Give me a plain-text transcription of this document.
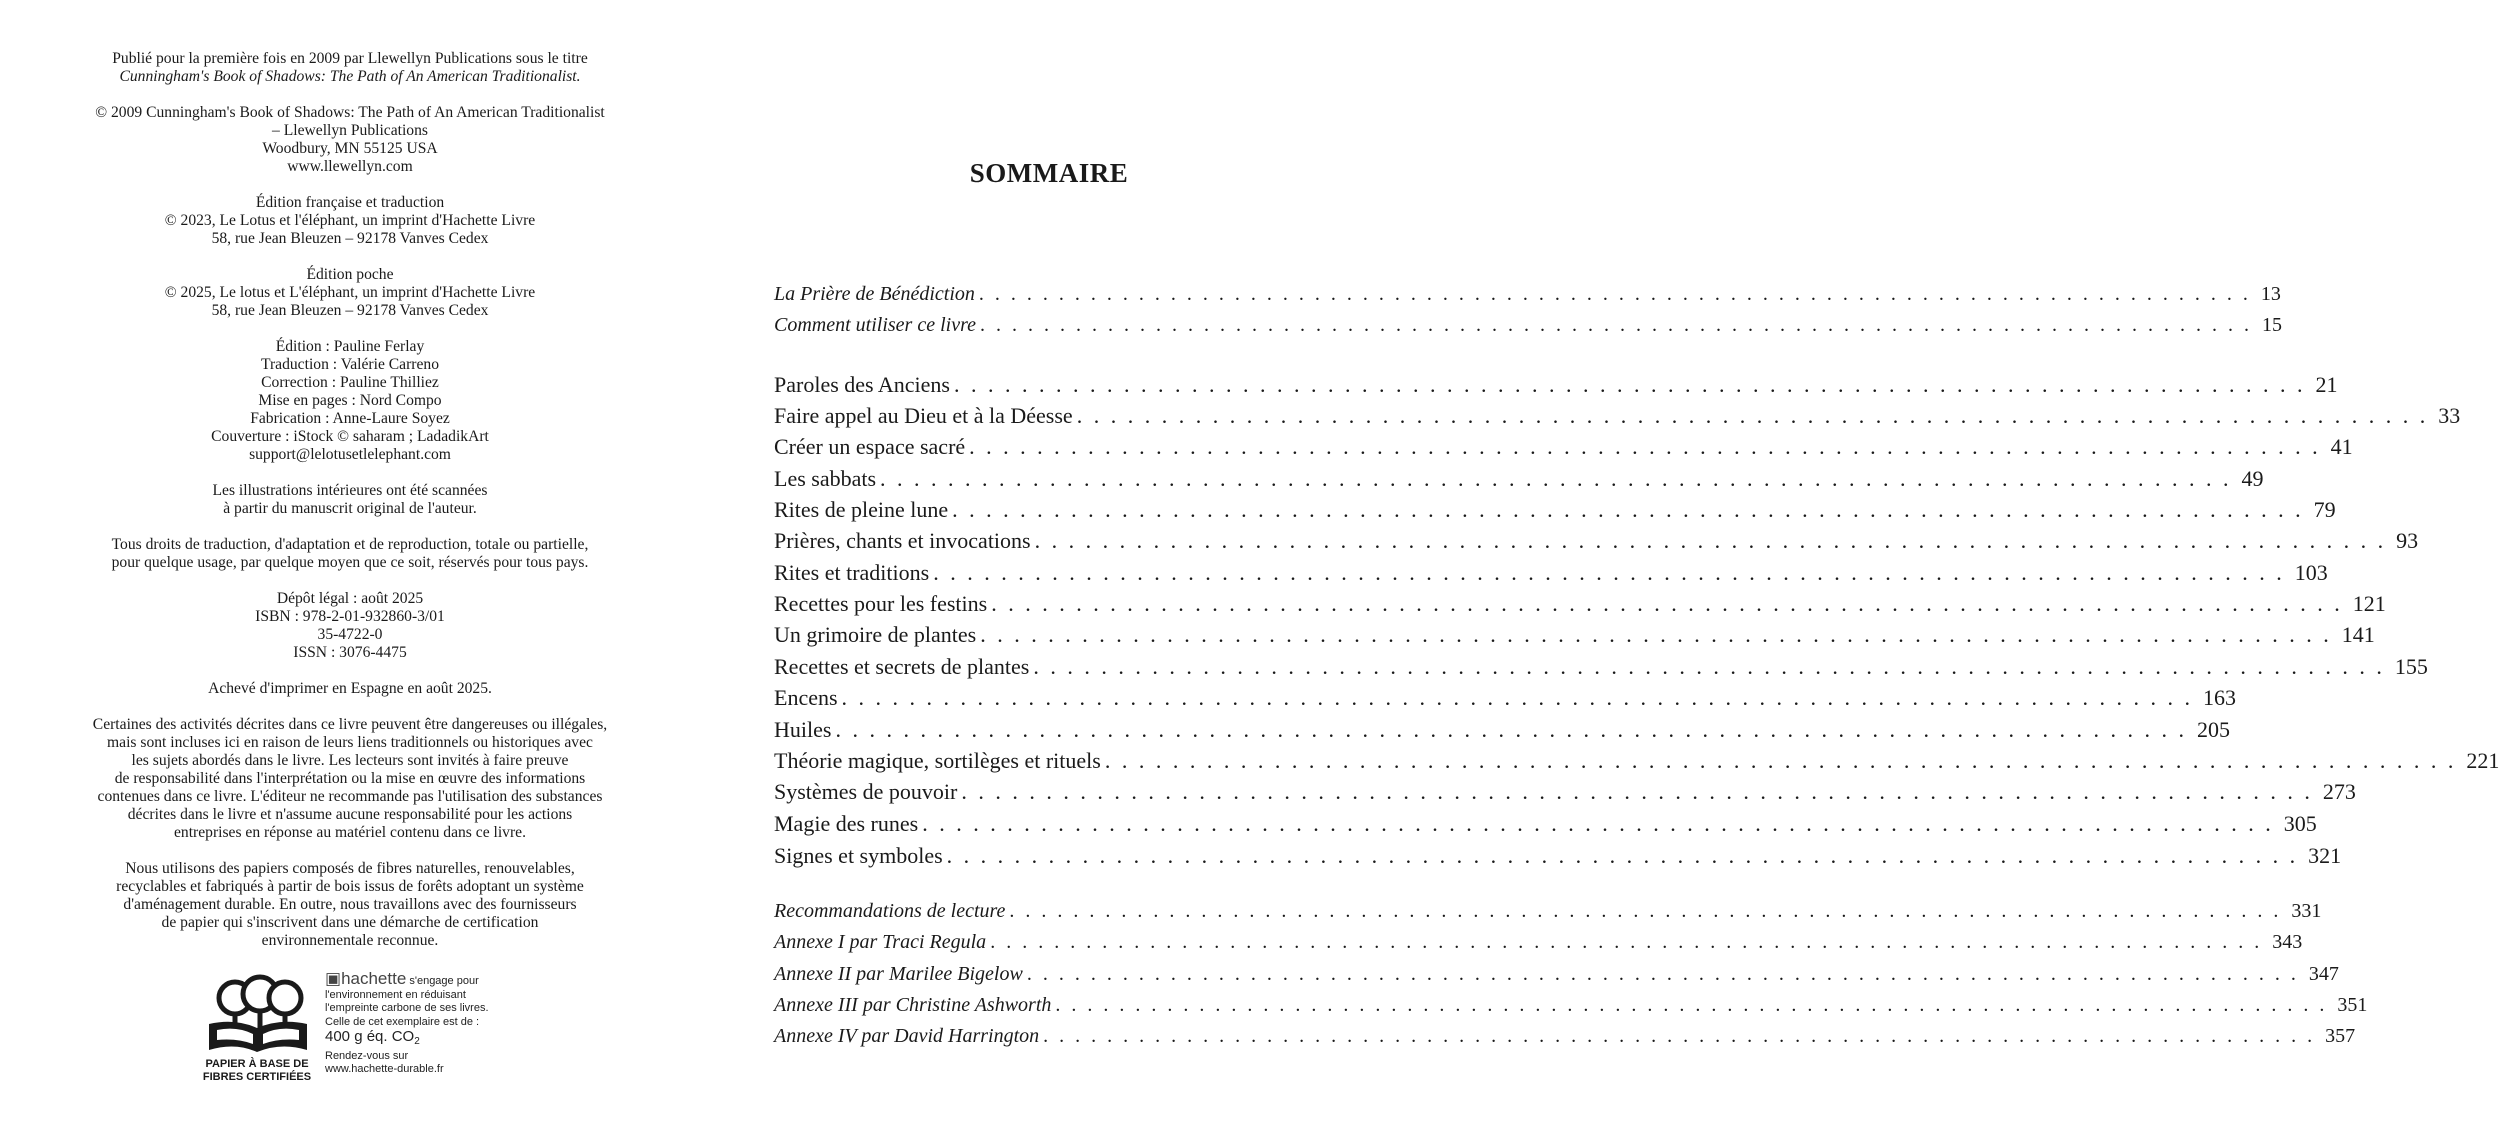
Publié pour la première fois en 2009 par Llewellyn Publications sous le titre
Cunningham's Book of Shadows: The Path of An American Traditionalist.
© 2009 Cunningham's Book of Shadows: The Path of An American Traditionalist
– Llewellyn Publications
Woodbury, MN 55125 USA
www.llewellyn.com
Édition française et traduction
© 2023, Le Lotus et l'éléphant, un imprint d'Hachette Livre
58, rue Jean Bleuzen – 92178 Vanves Cedex
Édition poche
© 2025, Le lotus et L'éléphant, un imprint d'Hachette Livre
58, rue Jean Bleuzen – 92178 Vanves Cedex
Édition : Pauline Ferlay
Traduction : Valérie Carreno
Correction : Pauline Thilliez
Mise en pages : Nord Compo
Fabrication : Anne-Laure Soyez
Couverture : iStock © saharam ; LadadikArt
support@lelotusetlelephant.com
Les illustrations intérieures ont été scannées
à partir du manuscrit original de l'auteur.
Tous droits de traduction, d'adaptation et de reproduction, totale ou partielle,
pour quelque usage, par quelque moyen que ce soit, réservés pour tous pays.
Dépôt légal : août 2025
ISBN : 978-2-01-932860-3/01
35-4722-0
ISSN : 3076-4475
Achevé d'imprimer en Espagne en août 2025.
Certaines des activités décrites dans ce livre peuvent être dangereuses ou illégales,
mais sont incluses ici en raison de leurs liens traditionnels ou historiques avec
les sujets abordés dans le livre. Les lecteurs sont invités à faire preuve
de responsabilité dans l'interprétation ou la mise en œuvre des informations
contenues dans ce livre. L'éditeur ne recommande pas l'utilisation des substances
décrites dans le livre et n'assume aucune responsabilité pour les actions
entreprises en réponse au matériel contenu dans ce livre.
Nous utilisons des papiers composés de fibres naturelles, renouvelables,
recyclables et fabriqués à partir de bois issus de forêts adoptant un système
d'aménagement durable. En outre, nous travaillons avec des fournisseurs
de papier qui s'inscrivent dans une démarche de certification
environnementale reconnue.
PAPIER À BASE DE
FIBRES CERTIFIÉES
▣hachette s'engage pour
l'environnement en réduisant
l'empreinte carbone de ses livres.
Celle de cet exemplaire est de :
400 g éq. $CO_2$
Rendez-vous sur
www.hachette-durable.fr
SOMMAIRE
La Prière de Bénédiction . . . . . . . . . . . . . . . . . . . . . . . . . . . . . . . . . . . . . . . . . . . . . . . . . . . . . . . . . . . . . . . . . . . . . . . . . . . . . . . . 13
Comment utiliser ce livre . . . . . . . . . . . . . . . . . . . . . . . . . . . . . . . . . . . . . . . . . . . . . . . . . . . . . . . . . . . . . . . . . . . . . . . . . . . . . . . . 15
Paroles des Anciens . . . . . . . . . . . . . . . . . . . . . . . . . . . . . . . . . . . . . . . . . . . . . . . . . . . . . . . . . . . . . . . . . . . . . . . . . . . . . . . . 21
Faire appel au Dieu et à la Déesse . . . . . . . . . . . . . . . . . . . . . . . . . . . . . . . . . . . . . . . . . . . . . . . . . . . . . . . . . . . . . . . . . . . . . . . . . . . . . . . . 33
Créer un espace sacré . . . . . . . . . . . . . . . . . . . . . . . . . . . . . . . . . . . . . . . . . . . . . . . . . . . . . . . . . . . . . . . . . . . . . . . . . . . . . . . . 41
Les sabbats . . . . . . . . . . . . . . . . . . . . . . . . . . . . . . . . . . . . . . . . . . . . . . . . . . . . . . . . . . . . . . . . . . . . . . . . . . . . . . . . 49
Rites de pleine lune . . . . . . . . . . . . . . . . . . . . . . . . . . . . . . . . . . . . . . . . . . . . . . . . . . . . . . . . . . . . . . . . . . . . . . . . . . . . . . . . 79
Prières, chants et invocations . . . . . . . . . . . . . . . . . . . . . . . . . . . . . . . . . . . . . . . . . . . . . . . . . . . . . . . . . . . . . . . . . . . . . . . . . . . . . . . . 93
Rites et traditions . . . . . . . . . . . . . . . . . . . . . . . . . . . . . . . . . . . . . . . . . . . . . . . . . . . . . . . . . . . . . . . . . . . . . . . . . . . . . . . . 103
Recettes pour les festins . . . . . . . . . . . . . . . . . . . . . . . . . . . . . . . . . . . . . . . . . . . . . . . . . . . . . . . . . . . . . . . . . . . . . . . . . . . . . . . . 121
Un grimoire de plantes . . . . . . . . . . . . . . . . . . . . . . . . . . . . . . . . . . . . . . . . . . . . . . . . . . . . . . . . . . . . . . . . . . . . . . . . . . . . . . . . 141
Recettes et secrets de plantes . . . . . . . . . . . . . . . . . . . . . . . . . . . . . . . . . . . . . . . . . . . . . . . . . . . . . . . . . . . . . . . . . . . . . . . . . . . . . . . . 155
Encens . . . . . . . . . . . . . . . . . . . . . . . . . . . . . . . . . . . . . . . . . . . . . . . . . . . . . . . . . . . . . . . . . . . . . . . . . . . . . . . . 163
Huiles . . . . . . . . . . . . . . . . . . . . . . . . . . . . . . . . . . . . . . . . . . . . . . . . . . . . . . . . . . . . . . . . . . . . . . . . . . . . . . . . 205
Théorie magique, sortilèges et rituels . . . . . . . . . . . . . . . . . . . . . . . . . . . . . . . . . . . . . . . . . . . . . . . . . . . . . . . . . . . . . . . . . . . . . . . . . . . . . . . . 221
Systèmes de pouvoir . . . . . . . . . . . . . . . . . . . . . . . . . . . . . . . . . . . . . . . . . . . . . . . . . . . . . . . . . . . . . . . . . . . . . . . . . . . . . . . . 273
Magie des runes . . . . . . . . . . . . . . . . . . . . . . . . . . . . . . . . . . . . . . . . . . . . . . . . . . . . . . . . . . . . . . . . . . . . . . . . . . . . . . . . 305
Signes et symboles . . . . . . . . . . . . . . . . . . . . . . . . . . . . . . . . . . . . . . . . . . . . . . . . . . . . . . . . . . . . . . . . . . . . . . . . . . . . . . . . 321
Recommandations de lecture . . . . . . . . . . . . . . . . . . . . . . . . . . . . . . . . . . . . . . . . . . . . . . . . . . . . . . . . . . . . . . . . . . . . . . . . . . . . . . . . 331
Annexe I par Traci Regula . . . . . . . . . . . . . . . . . . . . . . . . . . . . . . . . . . . . . . . . . . . . . . . . . . . . . . . . . . . . . . . . . . . . . . . . . . . . . . . . 343
Annexe II par Marilee Bigelow . . . . . . . . . . . . . . . . . . . . . . . . . . . . . . . . . . . . . . . . . . . . . . . . . . . . . . . . . . . . . . . . . . . . . . . . . . . . . . . . 347
Annexe III par Christine Ashworth . . . . . . . . . . . . . . . . . . . . . . . . . . . . . . . . . . . . . . . . . . . . . . . . . . . . . . . . . . . . . . . . . . . . . . . . . . . . . . . . 351
Annexe IV par David Harrington . . . . . . . . . . . . . . . . . . . . . . . . . . . . . . . . . . . . . . . . . . . . . . . . . . . . . . . . . . . . . . . . . . . . . . . . . . . . . . . . 357
